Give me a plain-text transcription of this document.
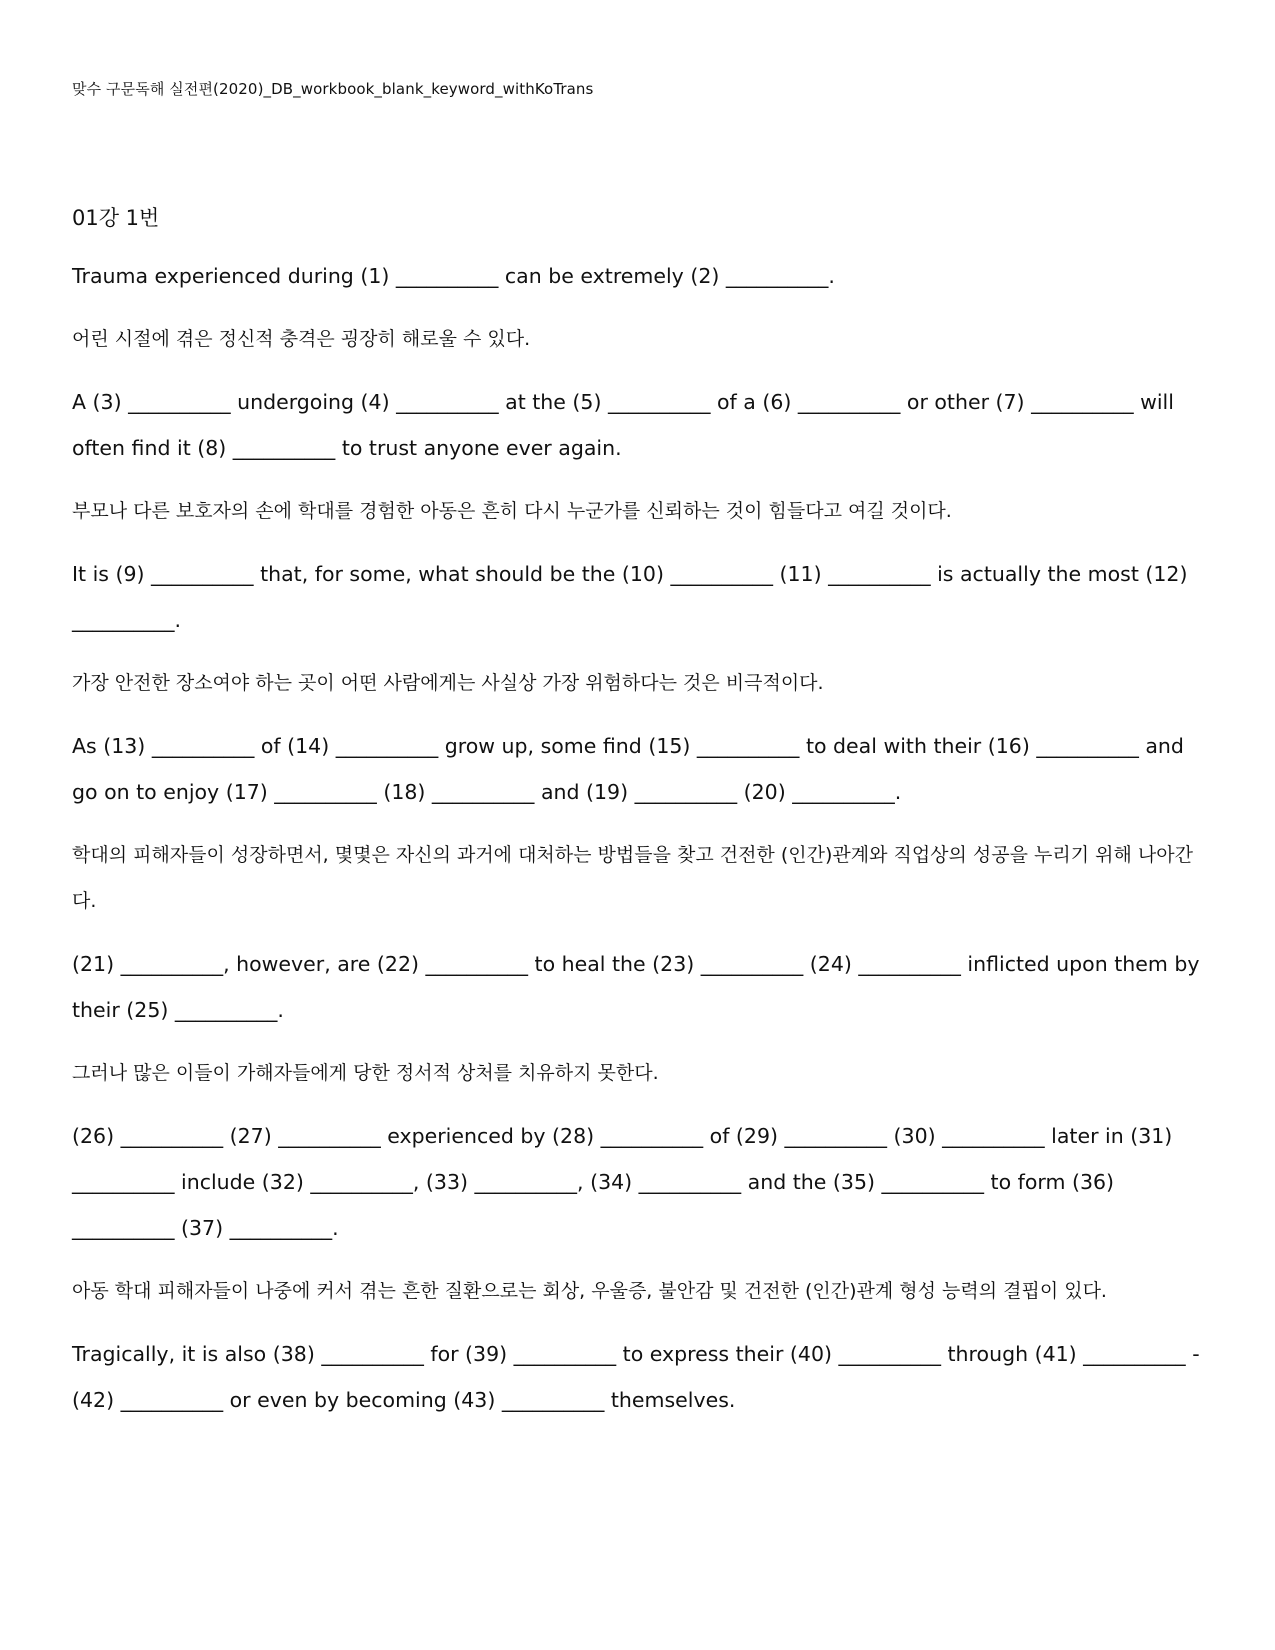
맞수 구문독해 실전편(2020)_DB_workbook_blank_keyword_withKoTrans
01강 1번

Trauma experienced during (1) __________ can be extremely (2) __________.

어린 시절에 겪은 정신적 충격은 굉장히 해로울 수 있다.

A (3) __________ undergoing (4) __________ at the (5) __________ of a (6) __________ or other (7) __________ will often find it (8) __________ to trust anyone ever again.

부모나 다른 보호자의 손에 학대를 경험한 아동은 흔히 다시 누군가를 신뢰하는 것이 힘들다고 여길 것이다.

It is (9) __________ that, for some, what should be the (10) __________ (11) __________ is actually the most (12) __________.

가장 안전한 장소여야 하는 곳이 어떤 사람에게는 사실상 가장 위험하다는 것은 비극적이다.

As (13) __________ of (14) __________ grow up, some find (15) __________ to deal with their (16) __________ and go on to enjoy (17) __________ (18) __________ and (19) __________ (20) __________.

학대의 피해자들이 성장하면서, 몇몇은 자신의 과거에 대처하는 방법들을 찾고 건전한 (인간)관계와 직업상의 성공을 누리기 위해 나아간다.

(21) __________, however, are (22) __________ to heal the (23) __________ (24) __________ inflicted upon them by their (25) __________.

그러나 많은 이들이 가해자들에게 당한 정서적 상처를 치유하지 못한다.

(26) __________ (27) __________ experienced by (28) __________ of (29) __________ (30) __________ later in (31) __________ include (32) __________, (33) __________, (34) __________ and the (35) __________ to form (36) __________ (37) __________.

아동 학대 피해자들이 나중에 커서 겪는 흔한 질환으로는 회상, 우울증, 불안감 및 건전한 (인간)관계 형성 능력의 결핍이 있다.

Tragically, it is also (38) __________ for (39) __________ to express their (40) __________ through (41) __________ - (42) __________ or even by becoming (43) __________ themselves.
